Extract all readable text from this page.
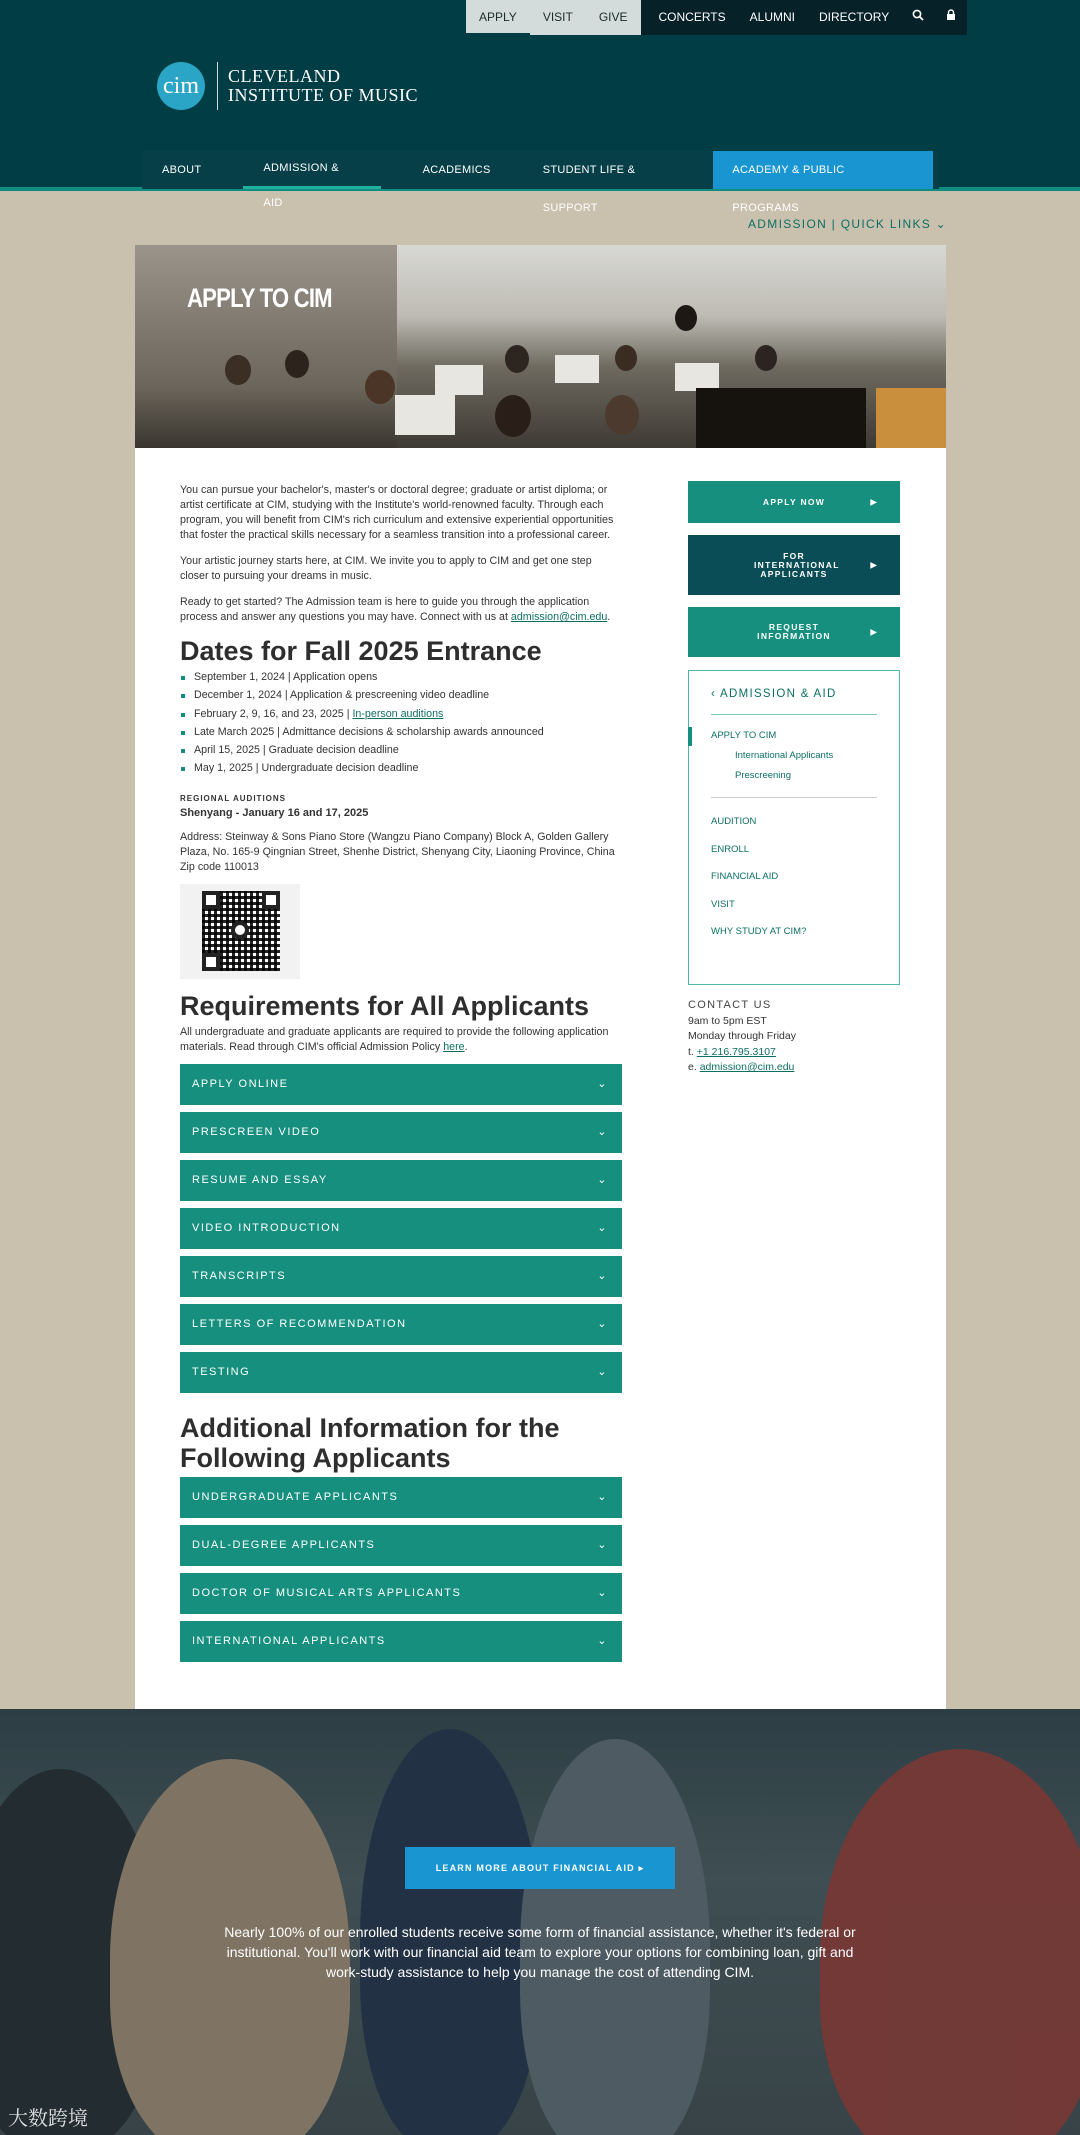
APPLY	VISIT	GIVE	CONCERTS	ALUMNI	DIRECTORY
cim	CLEVELAND
INSTITUTE OF MUSIC
ABOUT	ADMISSION & AID
ACADEMICS	STUDENT LIFE & SUPPORT
ACADEMY & PUBLIC PROGRAMS
ADMISSION | QUICK LINKS ⌄
APPLY TO CIM

You can pursue your bachelor's, master's or doctoral degree; graduate or artist diploma; or artist certificate at CIM, studying with the Institute's world-renowned faculty. Through each program, you will benefit from CIM's rich curriculum and extensive experiential opportunities that foster the practical skills necessary for a seamless transition into a professional career.

Your artistic journey starts here, at CIM. We invite you to apply to CIM and get one step closer to pursuing your dreams in music.

Ready to get started? The Admission team is here to guide you through the application process and answer any questions you may have. Connect with us at admission@cim.edu.

Dates for Fall 2025 Entrance
September 1, 2024 | Application opens
December 1, 2024 | Application & prescreening video deadline
February 2, 9, 16, and 23, 2025 | In-person auditions
Late March 2025 | Admittance decisions & scholarship awards announced
April 15, 2025 | Graduate decision deadline
May 1, 2025 | Undergraduate decision deadline
REGIONAL AUDITIONS
Shenyang - January 16 and 17, 2025
Address: Steinway & Sons Piano Store (Wangzu Piano Company) Block A, Golden Gallery Plaza, No. 165-9 Qingnian Street, Shenhe District, Shenyang City, Liaoning Province, China
Zip code 110013
Requirements for All Applicants

All undergraduate and graduate applicants are required to provide the following application materials. Read through CIM's official Admission Policy here.

APPLY ONLINE	⌄
PRESCREEN VIDEO	⌄
RESUME AND ESSAY	⌄
VIDEO INTRODUCTION	⌄
TRANSCRIPTS	⌄
LETTERS OF RECOMMENDATION	⌄
TESTING	⌄
Additional Information for the Following Applicants
UNDERGRADUATE APPLICANTS	⌄
DUAL-DEGREE APPLICANTS	⌄
DOCTOR OF MUSICAL ARTS APPLICANTS	⌄
INTERNATIONAL APPLICANTS	⌄
APPLY NOW	▶
FOR INTERNATIONAL APPLICANTS
▶
REQUEST INFORMATION	▶
‹ ADMISSION & AID
APPLY TO CIM
International Applicants
Prescreening
AUDITION
ENROLL
FINANCIAL AID
VISIT
WHY STUDY AT CIM?
CONTACT US
9am to 5pm EST
Monday through Friday
t. +1 216.795.3107
e. admission@cim.edu
LEARN MORE ABOUT FINANCIAL AID ▸

Nearly 100% of our enrolled students receive some form of financial assistance, whether it's federal or institutional. You'll work with our financial aid team to explore your options for combining loan, gift and work-study assistance to help you manage the cost of attending CIM.

大数跨境
